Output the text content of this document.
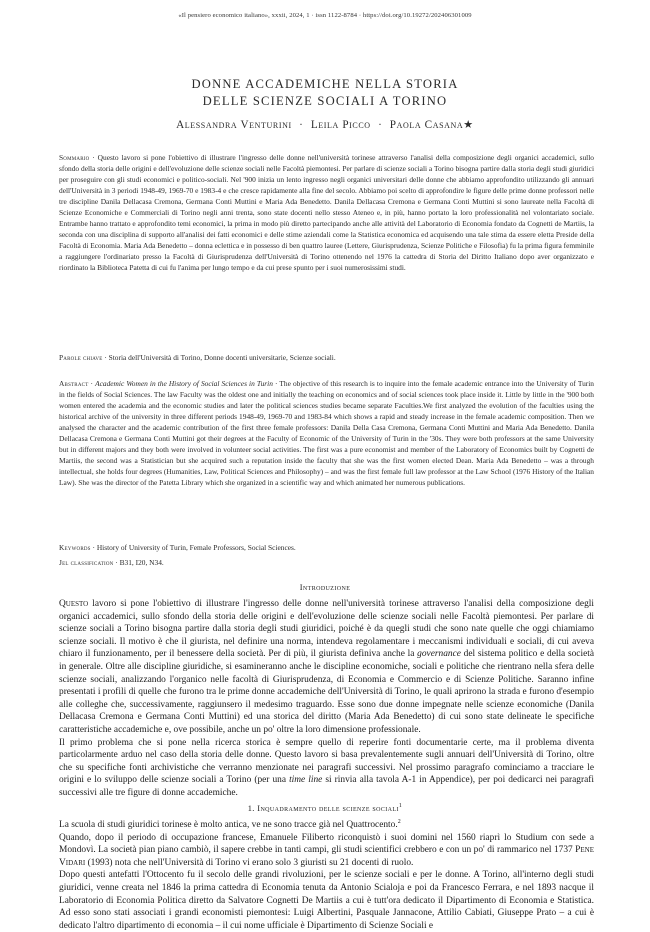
«Il pensiero economico italiano», xxxii, 2024, 1 · issn 1122-8784 · https://doi.org/10.19272/202406301009
DONNE ACCADEMICHE NELLA STORIA
DELLE SCIENZE SOCIALI A TORINO
Alessandra Venturini · Leila Picco · Paola Casana★
Sommario · Questo lavoro si pone l'obiettivo di illustrare l'ingresso delle donne nell'università torinese attraverso l'analisi della composizione degli organici accademici, sullo sfondo della storia delle origini e dell'evoluzione delle scienze sociali nelle Facoltà piemontesi. Per parlare di scienze sociali a Torino bisogna partire dalla storia degli studi giuridici per proseguire con gli studi economici e politico-sociali. Nel '900 inizia un lento ingresso negli organici universitari delle donne che abbiamo approfondito utilizzando gli annuari dell'Università in 3 periodi 1948-49, 1969-70 e 1983-4 e che cresce rapidamente alla fine del secolo. Abbiamo poi scelto di approfondire le figure delle prime donne professori nelle tre discipline Danila Dellacasa Cremona, Germana Conti Muttini e Maria Ada Benedetto. Danila Dellacasa Cremona e Germana Conti Muttini si sono laureate nella Facoltà di Scienze Economiche e Commerciali di Torino negli anni trenta, sono state docenti nello stesso Ateneo e, in più, hanno portato la loro professionalità nel volontariato sociale. Entrambe hanno trattato e approfondito temi economici, la prima in modo più diretto partecipando anche alle attività del Laboratorio di Economia fondato da Cognetti de Martiis, la seconda con una disciplina di supporto all'analisi dei fatti economici e delle stime aziendali come la Statistica economica ed acquisendo una tale stima da essere eletta Preside della Facoltà di Economia. Maria Ada Benedetto – donna eclettica e in possesso di ben quattro lauree (Lettere, Giurisprudenza, Scienze Politiche e Filosofia) fu la prima figura femminile a raggiungere l'ordinariato presso la Facoltà di Giurisprudenza dell'Università di Torino ottenendo nel 1976 la cattedra di Storia del Diritto Italiano dopo aver organizzato e riordinato la Biblioteca Patetta di cui fu l'anima per lungo tempo e da cui prese spunto per i suoi numerosissimi studi.
Parole chiave · Storia dell'Università di Torino, Donne docenti universitarie, Scienze sociali.
Abstract · Academic Women in the History of Social Sciences in Turin · The objective of this research is to inquire into the female academic entrance into the University of Turin in the fields of Social Sciences. The law Faculty was the oldest one and initially the teaching on economics and of social sciences took place inside it. Little by little in the '900 both women entered the academia and the economic studies and later the political sciences studies became separate Faculties.We first analyzed the evolution of the faculties using the historical archive of the university in three different periods 1948-49, 1969-70 and 1983-84 which shows a rapid and steady increase in the female academic composition. Then we analysed the character and the academic contribution of the first three female professors: Danila Della Casa Cremona, Germana Conti Muttini and Maria Ada Benedetto. Danila Dellacasa Cremona e Germana Conti Muttini got their degrees at the Faculty of Economic of the University of Turin in the '30s. They were both professors at the same University but in different majors and they both were involved in volunteer social activities. The first was a pure economist and member of the Laboratory of Economics built by Cognetti de Martiis, the second was a Statistician but she acquired such a reputation inside the faculty that she was the first women elected Dean. Maria Ada Benedetto – was a through intellectual, she holds four degrees (Humanities, Law, Political Sciences and Philosophy) – and was the first female full law professor at the Law School (1976 History of the Italian Law). She was the director of the Patetta Library which she organized in a scientific way and which animated her numerous publications.
Keywords · History of University of Turin, Female Professors, Social Sciences.
Jel classification · B31, I20, N34.
Introduzione

Questo lavoro si pone l'obiettivo di illustrare l'ingresso delle donne nell'università torinese attraverso l'analisi della composizione degli organici accademici, sullo sfondo della storia delle origini e dell'evoluzione delle scienze sociali nelle Facoltà piemontesi. Per parlare di scienze sociali a Torino bisogna partire dalla storia degli studi giuridici, poiché è da quegli studi che sono nate quelle che oggi chiamiamo scienze sociali. Il motivo è che il giurista, nel definire una norma, intendeva regolamentare i meccanismi individuali e sociali, di cui aveva chiaro il funzionamento, per il benessere della società. Per di più, il giurista definiva anche la governance del sistema politico e della società in generale. Oltre alle discipline giuridiche, si esamineranno anche le discipline economiche, sociali e politiche che rientrano nella sfera delle scienze sociali, analizzando l'organico nelle facoltà di Giurisprudenza, di Economia e Commercio e di Scienze Politiche. Saranno infine presentati i profili di quelle che furono tra le prime donne accademiche dell'Università di Torino, le quali aprirono la strada e furono d'esempio alle colleghe che, successivamente, raggiunsero il medesimo traguardo. Esse sono due donne impegnate nelle scienze economiche (Danila Dellacasa Cremona e Germana Conti Muttini) ed una storica del diritto (Maria Ada Benedetto) di cui sono state delineate le specifiche caratteristiche accademiche e, ove possibile, anche un po' oltre la loro dimensione professionale.

Il primo problema che si pone nella ricerca storica è sempre quello di reperire fonti documentarie certe, ma il problema diventa particolarmente arduo nel caso della storia delle donne. Questo lavoro si basa prevalentemente sugli annuari dell'Università di Torino, oltre che su specifiche fonti archivistiche che verranno menzionate nei paragrafi successivi. Nel prossimo paragrafo cominciamo a tracciare le origini e lo sviluppo delle scienze sociali a Torino (per una time line si rinvia alla tavola A-1 in Appendice), per poi dedicarci nei paragrafi successivi alle tre figure di donne accademiche.

1. Inquadramento delle scienze sociali$^1$

La scuola di studi giuridici torinese è molto antica, ve ne sono tracce già nel Quattrocento.$^2$

Quando, dopo il periodo di occupazione francese, Emanuele Filiberto riconquistò i suoi domini nel 1560 riaprì lo Studium con sede a Mondovì. La società pian piano cambiò, il sapere crebbe in tanti campi, gli studi scientifici crebbero e con un po' di rammarico nel 1737 Pene Vidari (1993) nota che nell'Università di Torino vi erano solo 3 giuristi su 21 docenti di ruolo.

Dopo questi antefatti l'Ottocento fu il secolo delle grandi rivoluzioni, per le scienze sociali e per le donne. A Torino, all'interno degli studi giuridici, venne creata nel 1846 la prima cattedra di Economia tenuta da Antonio Scialoja e poi da Francesco Ferrara, e nel 1893 nacque il Laboratorio di Economia Politica diretto da Salvatore Cognetti De Martiis a cui è tutt'ora dedicato il Dipartimento di Economia e Statistica. Ad esso sono stati associati i grandi economisti piemontesi: Luigi Albertini, Pasquale Jannacone, Attilio Cabiati, Giuseppe Prato – a cui è dedicato l'altro dipartimento di economia – il cui nome ufficiale è Dipartimento di Scienze Sociali e
